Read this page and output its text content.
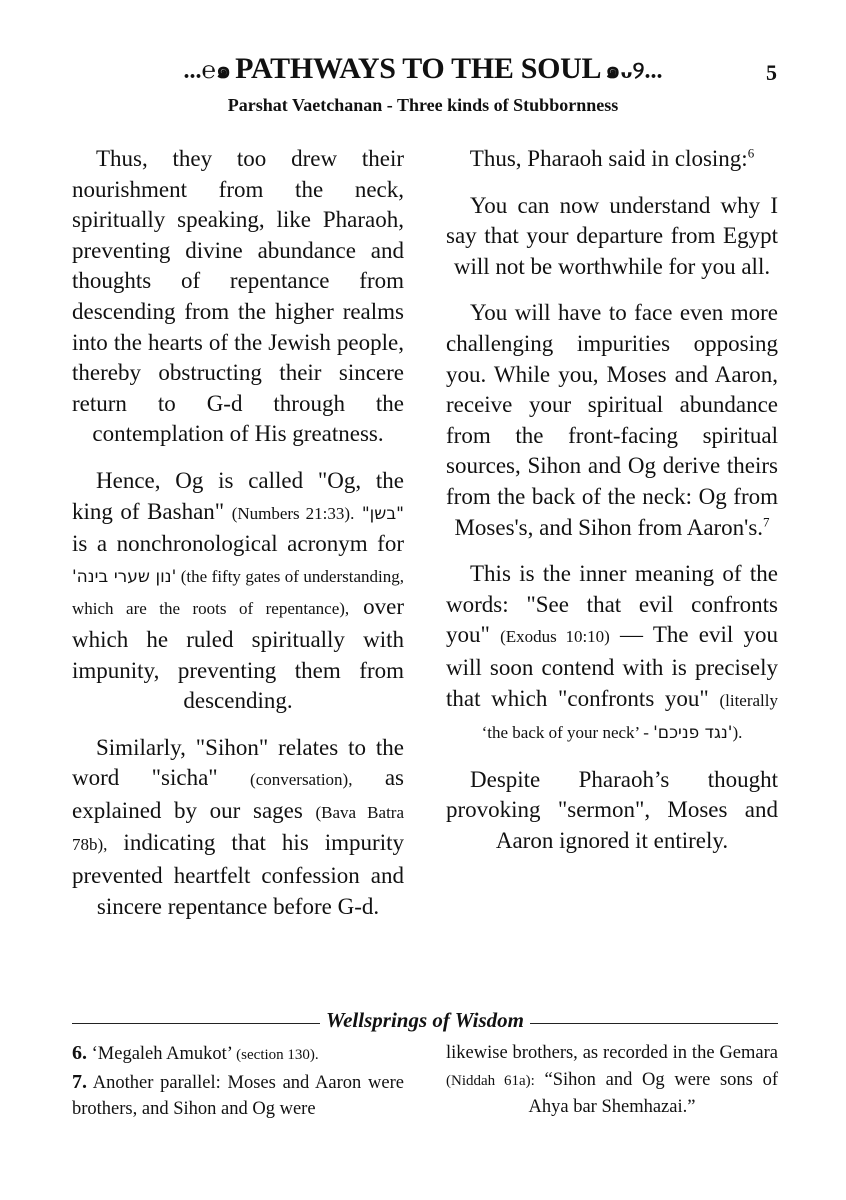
...℮๑ PATHWAYS TO THE SOUL ๑ᴗ୨...	5
Parshat Vaetchanan - Three kinds of Stubbornness

Thus, they too drew their nourishment from the neck, spiritually speaking, like Pharaoh, preventing divine abundance and thoughts of repentance from descending from the higher realms into the hearts of the Jewish people, thereby obstructing their sincere return to G-d through the contemplation of His greatness.

Hence, Og is called "Og, the king of Bashan" (Numbers 21:33). "בשן" is a nonchronological acronym for 'נון שערי בינה' (the fifty gates of understanding, which are the roots of repentance), over which he ruled spiritually with impunity, preventing them from descending.

Similarly, "Sihon" relates to the word "sicha" (conversation), as explained by our sages (Bava Batra 78b), indicating that his impurity prevented heartfelt confession and sincere repentance before G-d.

Thus, Pharaoh said in closing:$^6$

You can now understand why I say that your departure from Egypt will not be worthwhile for you all.

You will have to face even more challenging impurities opposing you. While you, Moses and Aaron, receive your spiritual abundance from the front-facing spiritual sources, Sihon and Og derive theirs from the back of the neck: Og from Moses's, and Sihon from Aaron's.$^7$

This is the inner meaning of the words: "See that evil confronts you" (Exodus 10:10) — The evil you will soon contend with is precisely that which "confronts you" (literally ‘the back of your neck’ - 'נגד פניכם').

Despite Pharaoh’s thought provoking "sermon", Moses and Aaron ignored it entirely.

Wellsprings of Wisdom
6. ‘Megaleh Amukot’ (section 130).
7. Another parallel: Moses and Aaron were brothers, and Sihon and Og were
likewise brothers, as recorded in the Gemara (Niddah 61a): “Sihon and Og were sons of Ahya bar Shemhazai.”
